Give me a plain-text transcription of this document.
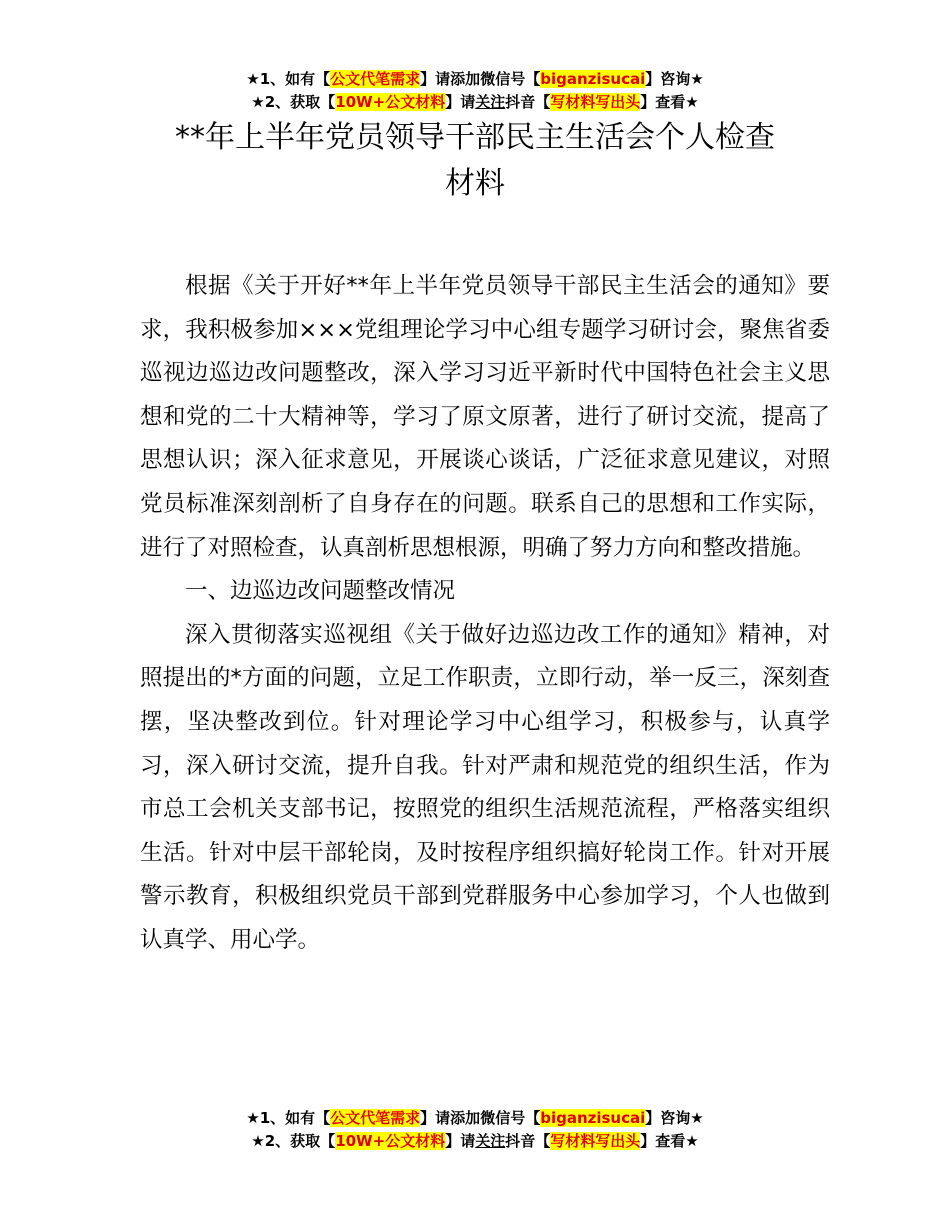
★1、如有【公文代笔需求】请添加微信号【biganzisucai】咨询★
★2、获取【10W+公文材料】请关注抖音【写材料写出头】查看★
**年上半年党员领导干部民主生活会个人检查
材料

根据《关于开好**年上半年党员领导干部民主生活会的通知》要求，我积极参加×××党组理论学习中心组专题学习研讨会，聚焦省委巡视边巡边改问题整改，深入学习习近平新时代中国特色社会主义思想和党的二十大精神等，学习了原文原著，进行了研讨交流，提高了思想认识；深入征求意见，开展谈心谈话，广泛征求意见建议，对照党员标准深刻剖析了自身存在的问题。联系自己的思想和工作实际，进行了对照检查，认真剖析思想根源，明确了努力方向和整改措施。

一、边巡边改问题整改情况

深入贯彻落实巡视组《关于做好边巡边改工作的通知》精神，对照提出的*方面的问题，立足工作职责，立即行动，举一反三，深刻查摆，坚决整改到位。针对理论学习中心组学习，积极参与，认真学习，深入研讨交流，提升自我。针对严肃和规范党的组织生活，作为市总工会机关支部书记，按照党的组织生活规范流程，严格落实组织生活。针对中层干部轮岗，及时按程序组织搞好轮岗工作。针对开展警示教育，积极组织党员干部到党群服务中心参加学习，个人也做到认真学、用心学。

★1、如有【公文代笔需求】请添加微信号【biganzisucai】咨询★
★2、获取【10W+公文材料】请关注抖音【写材料写出头】查看★
